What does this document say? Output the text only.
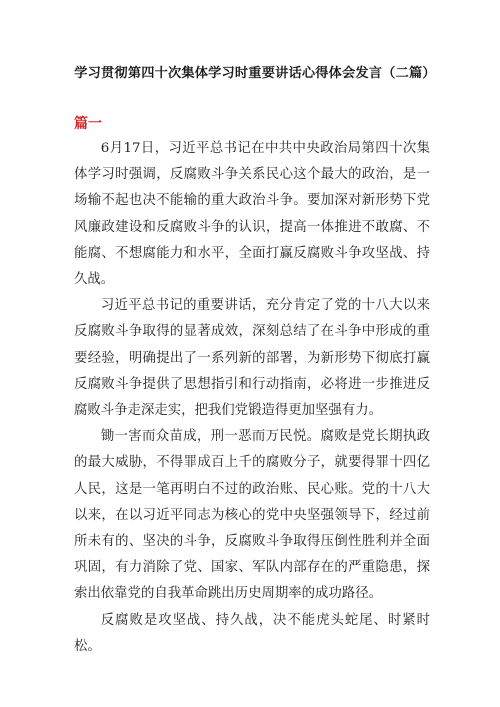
学习贯彻第四十次集体学习时重要讲话心得体会发言（二篇）
篇一

6月17日，习近平总书记在中共中央政治局第四十次集体学习时强调，反腐败斗争关系民心这个最大的政治，是一场输不起也决不能输的重大政治斗争。要加深对新形势下党风廉政建设和反腐败斗争的认识，提高一体推进不敢腐、不能腐、不想腐能力和水平，全面打赢反腐败斗争攻坚战、持久战。

习近平总书记的重要讲话，充分肯定了党的十八大以来反腐败斗争取得的显著成效，深刻总结了在斗争中形成的重要经验，明确提出了一系列新的部署，为新形势下彻底打赢反腐败斗争提供了思想指引和行动指南，必将进一步推进反腐败斗争走深走实，把我们党锻造得更加坚强有力。

锄一害而众苗成，刑一恶而万民悦。腐败是党长期执政的最大威胁，不得罪成百上千的腐败分子，就要得罪十四亿人民，这是一笔再明白不过的政治账、民心账。党的十八大以来，在以习近平同志为核心的党中央坚强领导下，经过前所未有的、坚决的斗争，反腐败斗争取得压倒性胜利并全面巩固，有力消除了党、国家、军队内部存在的严重隐患，探索出依靠党的自我革命跳出历史周期率的成功路径。

反腐败是攻坚战、持久战，决不能虎头蛇尾、时紧时松。
